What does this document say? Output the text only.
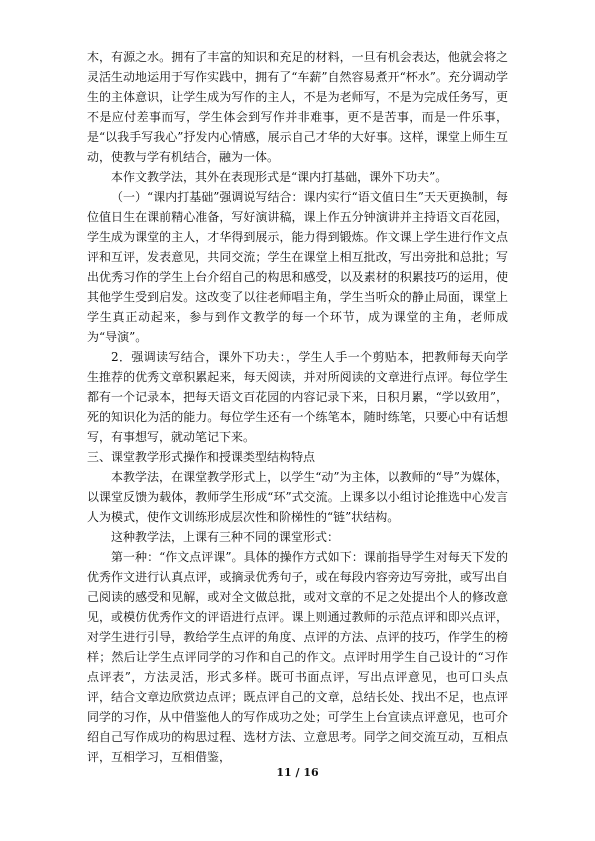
木，有源之水。拥有了丰富的知识和充足的材料，一旦有机会表达，他就会将之灵活生动地运用于写作实践中，拥有了“车薪”自然容易煮开“杯水”。充分调动学生的主体意识，让学生成为写作的主人，不是为老师写，不是为完成任务写，更不是应付差事而写，学生体会到写作并非难事，更不是苦事，而是一件乐事，是“以我手写我心”抒发内心情感，展示自己才华的大好事。这样，课堂上师生互动，使教与学有机结合，融为一体。

本作文教学法，其外在表现形式是“课内打基础，课外下功夫”。

（一）“课内打基础”强调说写结合：课内实行“语文值日生”天天更换制，每位值日生在课前精心准备，写好演讲稿，课上作五分钟演讲并主持语文百花园，学生成为课堂的主人，才华得到展示，能力得到锻炼。作文课上学生进行作文点评和互评，发表意见，共同交流；学生在课堂上相互批改，写出旁批和总批；写出优秀习作的学生上台介绍自己的构思和感受，以及素材的积累技巧的运用，使其他学生受到启发。这改变了以往老师唱主角，学生当听众的静止局面，课堂上学生真正动起来，参与到作文教学的每一个环节，成为课堂的主角，老师成为“导演”。

2．强调读写结合，课外下功夫：，学生人手一个剪贴本，把教师每天向学生推荐的优秀文章积累起来，每天阅读，并对所阅读的文章进行点评。每位学生都有一个记录本，把每天语文百花园的内容记录下来，日积月累，“学以致用”，死的知识化为活的能力。每位学生还有一个练笔本，随时练笔，只要心中有话想写，有事想写，就动笔记下来。

三、课堂教学形式操作和授课类型结构特点

本教学法，在课堂教学形式上，以学生“动”为主体，以教师的“导”为媒体，以课堂反馈为载体，教师学生形成“环”式交流。上课多以小组讨论推选中心发言人为模式，使作文训练形成层次性和阶梯性的“链”状结构。

这种教学法，上课有三种不同的课堂形式：

第一种：“作文点评课”。具体的操作方式如下：课前指导学生对每天下发的优秀作文进行认真点评，或摘录优秀句子，或在每段内容旁边写旁批，或写出自己阅读的感受和见解，或对全文做总批，或对文章的不足之处提出个人的修改意见，或模仿优秀作文的评语进行点评。课上则通过教师的示范点评和即兴点评，对学生进行引导，教给学生点评的角度、点评的方法、点评的技巧，作学生的榜样；然后让学生点评同学的习作和自己的作文。点评时用学生自己设计的“习作点评表”，方法灵活，形式多样。既可书面点评，写出点评意见，也可口头点评，结合文章边欣赏边点评；既点评自己的文章，总结长处、找出不足，也点评同学的习作，从中借鉴他人的写作成功之处；可学生上台宣读点评意见，也可介绍自己写作成功的构思过程、选材方法、立意思考。同学之间交流互动，互相点评，互相学习，互相借鉴，

11 / 16
